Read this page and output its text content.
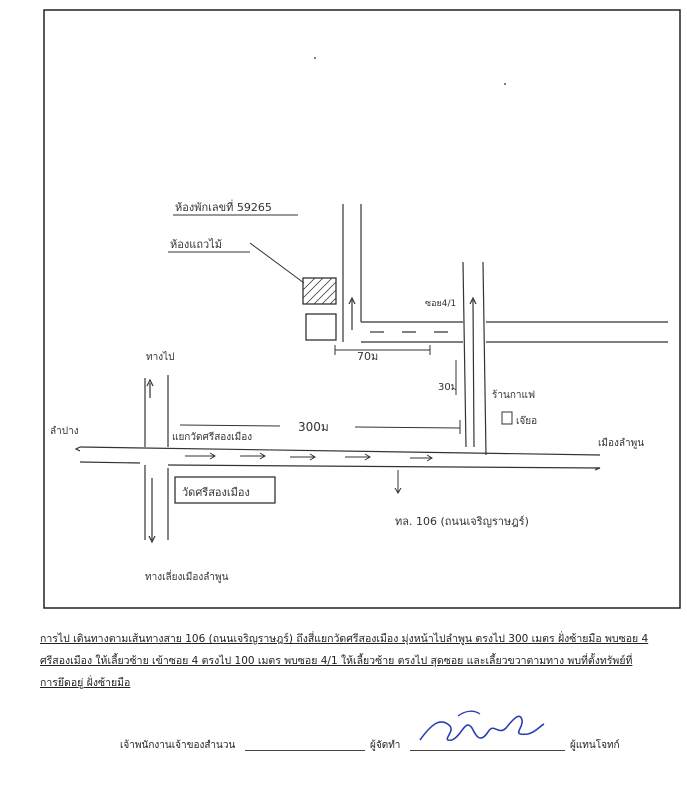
ห้องพักเลขที่ 59265
ห้องแถวไม้
ซอย4/1
70ม
30ม
300ม
แยกวัดศรีสองเมือง
วัดศรีสองเมือง
ร้านกาแฟ
เจ๊ยอ
เมืองลำพูน
ทางไป
ลำปาง
ทล. 106 (ถนนเจริญราษฎร์)
ทางเลี่ยงเมืองลำพูน
การไป เดินทางตามเส้นทางสาย 106 (ถนนเจริญราษฎร์) ถึงสี่แยกวัดศรีสองเมือง มุ่งหน้าไปลำพูน ตรงไป 300 เมตร ฝั่งซ้ายมือ พบซอย 4 ศรีสองเมือง ให้เลี้ยวซ้าย เข้าซอย 4 ตรงไป 100 เมตร พบซอย 4/1 ให้เลี้ยวซ้าย ตรงไป สุดซอย และเลี้ยวขวาตามทาง พบที่ตั้งทรัพย์ที่การยึดอยู่ ฝั่งซ้ายมือ
เจ้าพนักงานเจ้าของสำนวน	ผู้จัดทำ	ผู้แทนโจทก์
